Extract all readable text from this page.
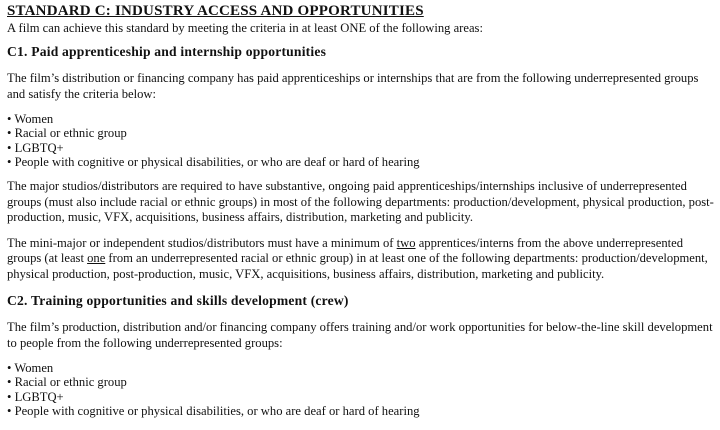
STANDARD C: INDUSTRY ACCESS AND OPPORTUNITIES

A film can achieve this standard by meeting the criteria in at least ONE of the following areas:

C1. Paid apprenticeship and internship opportunities

The film’s distribution or financing company has paid apprenticeships or internships that are from the following underrepresented groups and satisfy the criteria below:

• Women
• Racial or ethnic group
• LGBTQ+
• People with cognitive or physical disabilities, or who are deaf or hard of hearing

The major studios/distributors are required to have substantive, ongoing paid apprenticeships/internships inclusive of underrepresented groups (must also include racial or ethnic groups) in most of the following departments: production/development, physical production, post-production, music, VFX, acquisitions, business affairs, distribution, marketing and publicity.

The mini-major or independent studios/distributors must have a minimum of two apprentices/interns from the above underrepresented groups (at least one from an underrepresented racial or ethnic group) in at least one of the following departments: production/development, physical production, post-production, music, VFX, acquisitions, business affairs, distribution, marketing and publicity.

C2. Training opportunities and skills development (crew)

The film’s production, distribution and/or financing company offers training and/or work opportunities for below-the-line skill development to people from the following underrepresented groups:

• Women
• Racial or ethnic group
• LGBTQ+
• People with cognitive or physical disabilities, or who are deaf or hard of hearing
